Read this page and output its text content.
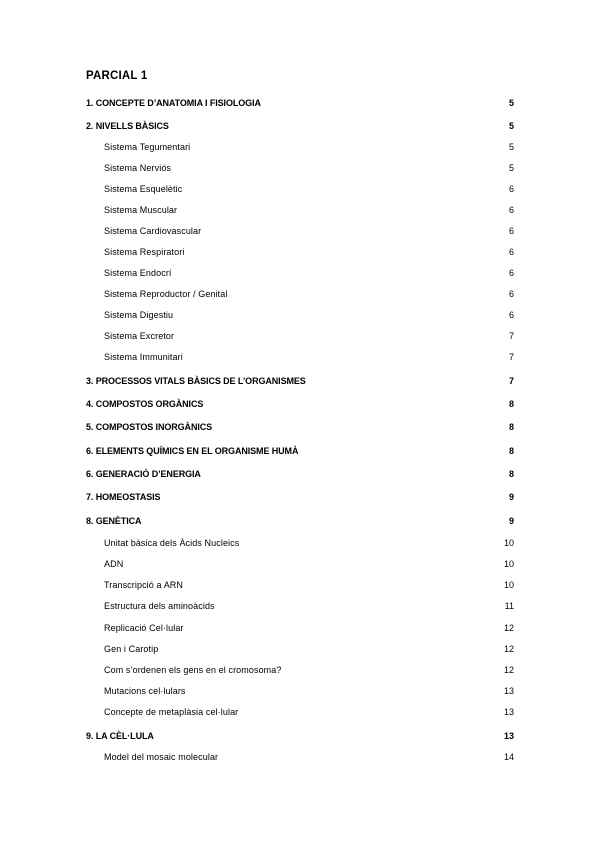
PARCIAL 1
1. CONCEPTE D’ANATOMIA I FISIOLOGIA	5
2. NIVELLS BÀSICS	5
Sistema Tegumentari	5
Sistema Nerviós	5
Sistema Esquelètic	6
Sistema Muscular	6
Sistema Cardiovascular	6
Sistema Respiratori	6
Sistema Endocrí	6
Sistema Reproductor / Genital	6
Sistema Digestiu	6
Sistema Excretor	7
Sistema Immunitari	7
3. PROCESSOS VITALS BÀSICS DE L’ORGANISMES	7
4. COMPOSTOS ORGÀNICS	8
5. COMPOSTOS INORGÀNICS	8
6. ELEMENTS QUÍMICS EN EL ORGANISME HUMÀ	8
6. GENERACIÓ D’ENERGIA	8
7. HOMEOSTASIS	9
8. GENÈTICA	9
Unitat bàsica dels Àcids Nucleics	10
ADN	10
Transcripció a ARN	10
Estructura dels aminoàcids	11
Replicació Cel·lular	12
Gen i Carotip	12
Com s’ordenen els gens en el cromosoma?	12
Mutacions cel·lulars	13
Concepte de metaplàsia cel·lular	13
9. LA CÈL·LULA	13
Model del mosaic molecular	14
